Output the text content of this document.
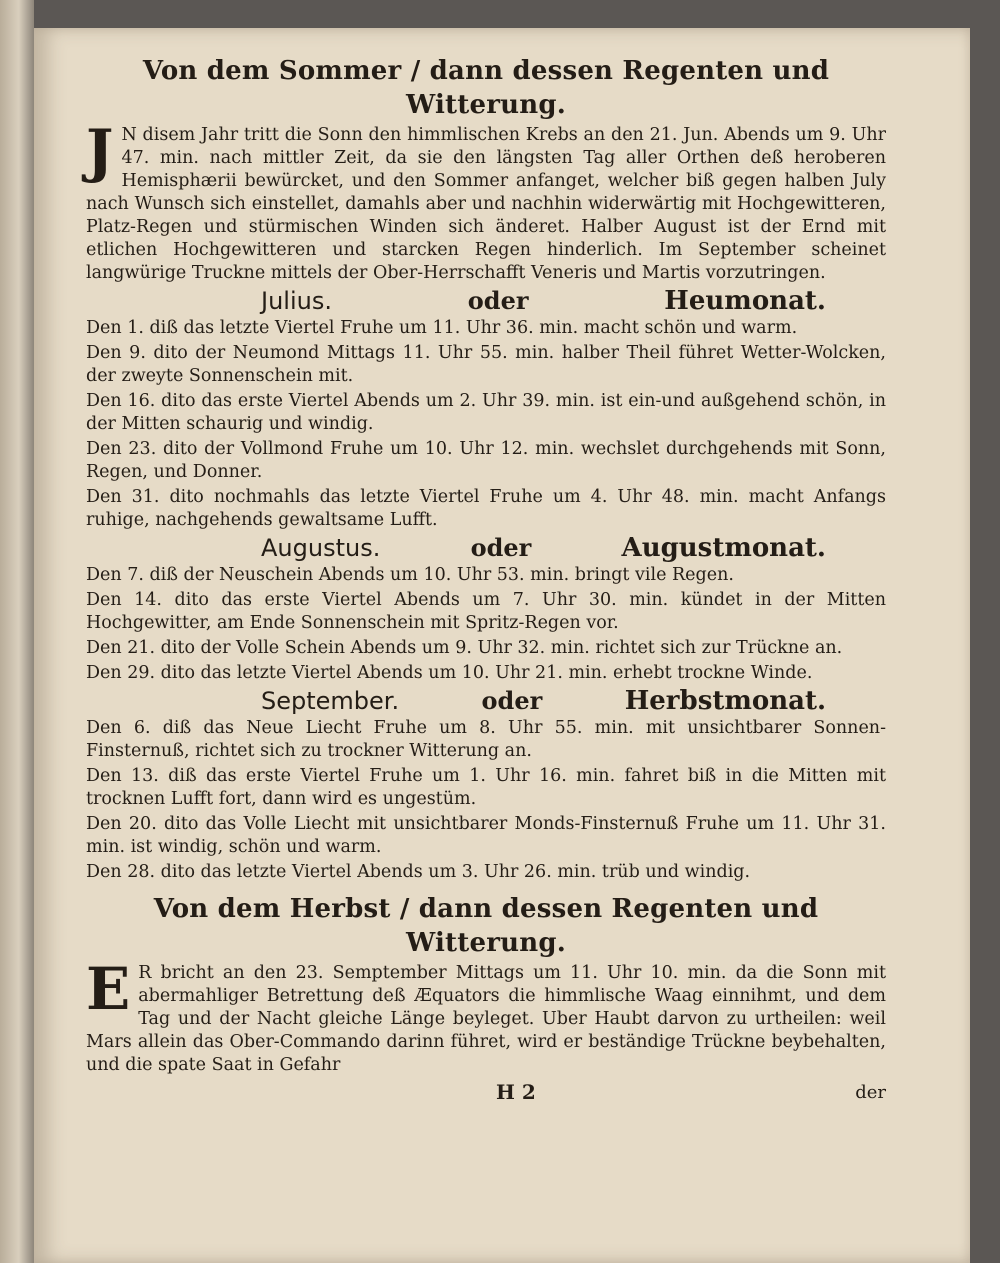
Von dem Sommer / dann dessen Regenten und Witterung.

J N disem Jahr tritt die Sonn den himmlischen Krebs an den 21. Jun. Abends um 9. Uhr 47. min. nach mittler Zeit, da sie den längsten Tag aller Orthen deß heroberen Hemisphærii bewürcket, und den Sommer anfanget, welcher biß gegen halben July nach Wunsch sich einstellet, damahls aber und nachhin widerwärtig mit Hochgewitteren, Platz-Regen und stürmischen Winden sich änderet. Halber August ist der Ernd mit etlichen Hochgewitteren und starcken Regen hinderlich. Im September scheinet langwürige Truckne mittels der Ober-Herrschafft Veneris und Martis vorzutringen.

Julius.	oder	Heumonat.

Den 1. diß das letzte Viertel Fruhe um 11. Uhr 36. min. macht schön und warm.

Den 9. dito der Neumond Mittags 11. Uhr 55. min. halber Theil führet Wetter-Wolcken, der zweyte Sonnenschein mit.

Den 16. dito das erste Viertel Abends um 2. Uhr 39. min. ist ein-und außgehend schön, in der Mitten schaurig und windig.

Den 23. dito der Vollmond Fruhe um 10. Uhr 12. min. wechslet durchgehends mit Sonn, Regen, und Donner.

Den 31. dito nochmahls das letzte Viertel Fruhe um 4. Uhr 48. min. macht Anfangs ruhige, nachgehends gewaltsame Lufft.

Augustus.	oder	Augustmonat.

Den 7. diß der Neuschein Abends um 10. Uhr 53. min. bringt vile Regen.

Den 14. dito das erste Viertel Abends um 7. Uhr 30. min. kündet in der Mitten Hochgewitter, am Ende Sonnenschein mit Spritz-Regen vor.

Den 21. dito der Volle Schein Abends um 9. Uhr 32. min. richtet sich zur Trückne an.

Den 29. dito das letzte Viertel Abends um 10. Uhr 21. min. erhebt trockne Winde.

September.	oder	Herbstmonat.

Den 6. diß das Neue Liecht Fruhe um 8. Uhr 55. min. mit unsichtbarer Sonnen-Finsternuß, richtet sich zu trockner Witterung an.

Den 13. diß das erste Viertel Fruhe um 1. Uhr 16. min. fahret biß in die Mitten mit trocknen Lufft fort, dann wird es ungestüm.

Den 20. dito das Volle Liecht mit unsichtbarer Monds-Finsternuß Fruhe um 11. Uhr 31. min. ist windig, schön und warm.

Den 28. dito das letzte Viertel Abends um 3. Uhr 26. min. trüb und windig.

Von dem Herbst / dann dessen Regenten und Witterung.

E R bricht an den 23. Semptember Mittags um 11. Uhr 10. min. da die Sonn mit abermahliger Betrettung deß Æquators die himmlische Waag einnihmt, und dem Tag und der Nacht gleiche Länge beyleget. Uber Haubt darvon zu urtheilen: weil Mars allein das Ober-Commando darinn führet, wird er beständige Trückne beybehalten, und die spate Saat in Gefahr

H 2	der
